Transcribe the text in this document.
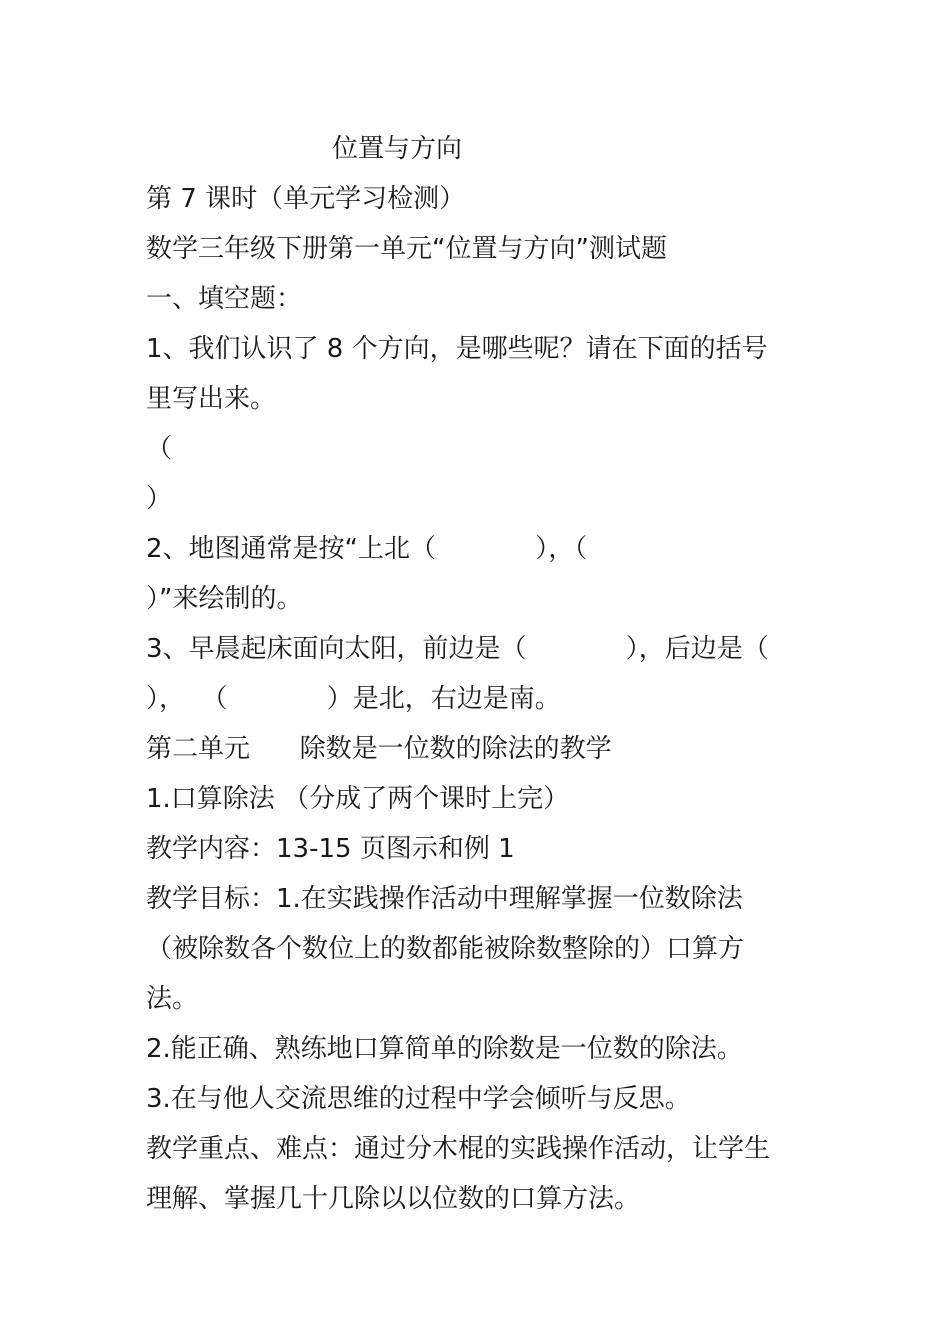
位置与方向
第 7 课时（单元学习检测）
数学三年级下册第一单元“位置与方向”测试题
一、填空题：
1、我们认识了 8 个方向，是哪些呢？请在下面的括号
里写出来。
（
）
2、地图通常是按“上北（            ），（
）”来绘制的。
3、早晨起床面向太阳，前边是（            ），后边是（
），  （            ）是北，右边是南。
第二单元      除数是一位数的除法的教学
1.口算除法 （分成了两个课时上完）
教学内容：13-15 页图示和例 1
教学目标：1.在实践操作活动中理解掌握一位数除法
（被除数各个数位上的数都能被除数整除的）口算方
法。
2.能正确、熟练地口算简单的除数是一位数的除法。
3.在与他人交流思维的过程中学会倾听与反思。
教学重点、难点：通过分木棍的实践操作活动，让学生
理解、掌握几十几除以以位数的口算方法。
